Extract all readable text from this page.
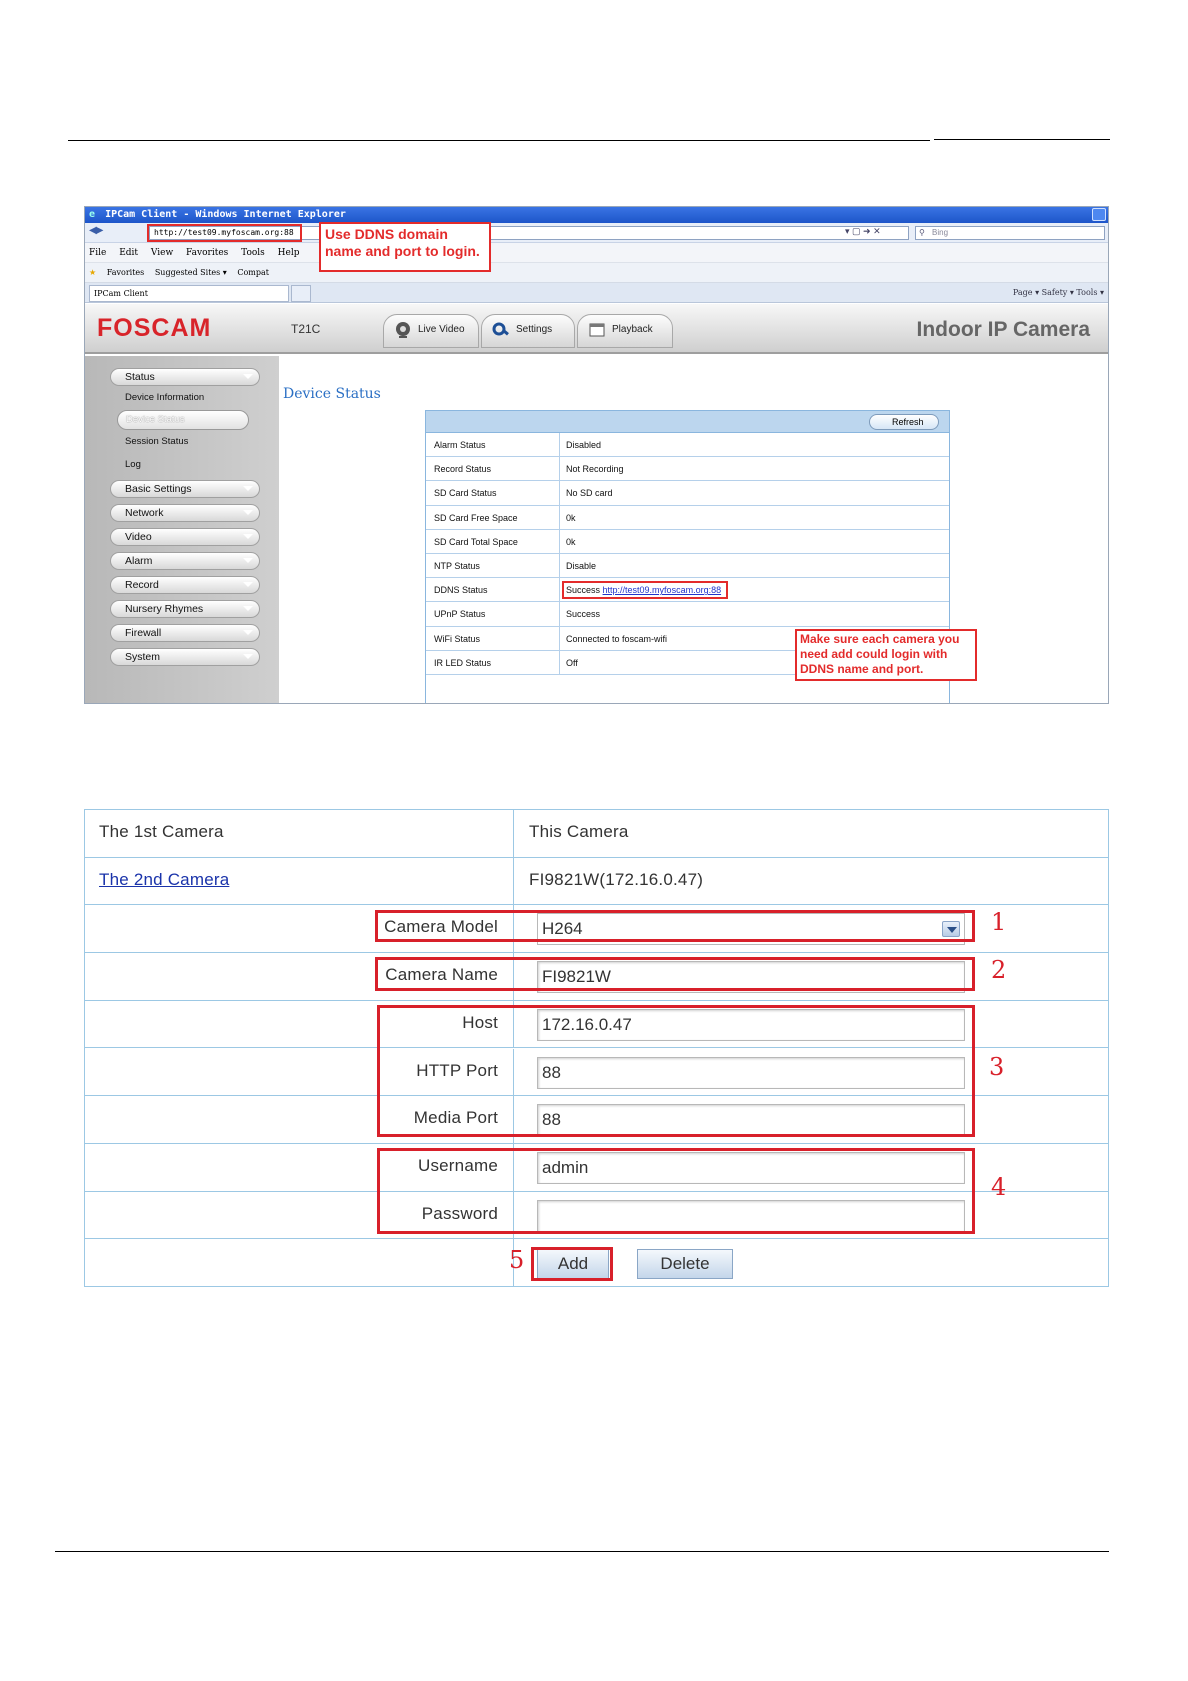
e IPCam Client - Windows Internet Explorer
◀▶	http://test09.myfoscam.org:88	▾ ▢ ➜ ✕	⚲ Bing
File Edit View Favorites Tools Help
★ Favorites Suggested Sites ▾ Compat
IPCam Client	Page ▾ Safety ▾ Tools ▾
Use DDNS domain name and port to login.
FOSCAM	T21C	Live Video	Settings	Playback	Indoor IP Camera
Status
Device Information
Device Status
Session Status
Log
Basic Settings
Network
Video
Alarm
Record
Nursery Rhymes
Firewall
System
Device Status
Refresh
Alarm Status	Disabled
Record Status	Not Recording
SD Card Status	No SD card
SD Card Free Space	0k
SD Card Total Space	0k
NTP Status	Disable
DDNS Status	Success http://test09.myfoscam.org:88
UPnP Status	Success
WiFi Status	Connected to foscam-wifi
IR LED Status	Off
Make sure each camera you need add could login with DDNS name and port.
The 1st Camera	This Camera
The 2nd Camera	FI9821W(172.16.0.47)
Camera Model	H264
Camera Name	FI9821W
Host	172.16.0.47
HTTP Port	88
Media Port	88
Username	admin
Password
Add	Delete
1
2
3
4
5
